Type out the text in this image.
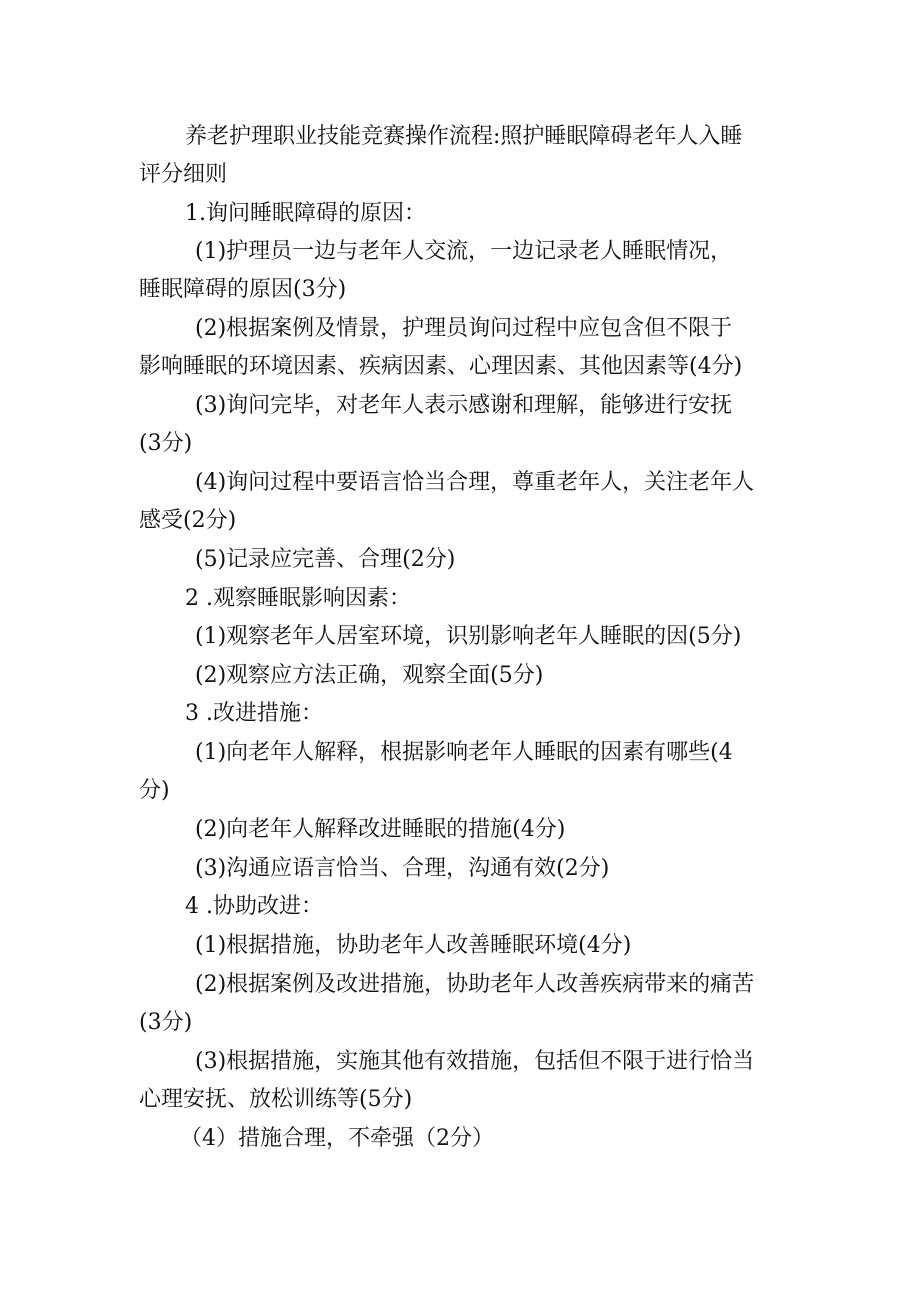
养老护理职业技能竞赛操作流程:照护睡眠障碍老年人入睡
评分细则
1.询问睡眠障碍的原因：
(1)护理员一边与老年人交流，一边记录老人睡眠情况，
睡眠障碍的原因(3分)
(2)根据案例及情景，护理员询问过程中应包含但不限于
影响睡眠的环境因素、疾病因素、心理因素、其他因素等(4分)
(3)询问完毕，对老年人表示感谢和理解，能够进行安抚
(3分)
(4)询问过程中要语言恰当合理，尊重老年人，关注老年人
感受(2分)
(5)记录应完善、合理(2分)
2 .观察睡眠影响因素：
(1)观察老年人居室环境，识别影响老年人睡眠的因(5分)
(2)观察应方法正确，观察全面(5分)
3 .改进措施：
(1)向老年人解释，根据影响老年人睡眠的因素有哪些(4
分)
(2)向老年人解释改进睡眠的措施(4分)
(3)沟通应语言恰当、合理，沟通有效(2分)
4 .协助改进：
(1)根据措施，协助老年人改善睡眠环境(4分)
(2)根据案例及改进措施，协助老年人改善疾病带来的痛苦
(3分)
(3)根据措施，实施其他有效措施，包括但不限于进行恰当
心理安抚、放松训练等(5分)
（4）措施合理，不牵强（2分）
